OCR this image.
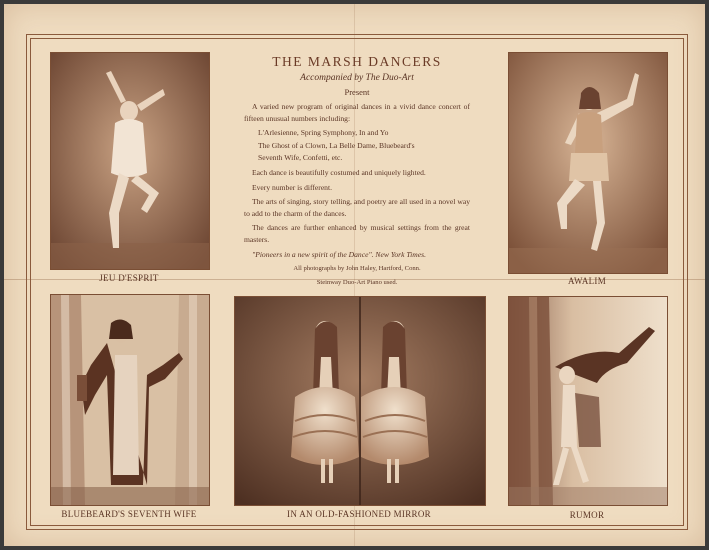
JEU D'ESPRIT	AWALIM
BLUEBEARD'S SEVENTH WIFE	IN AN OLD-FASHIONED MIRROR	RUMOR

THE MARSH DANCERS

Accompanied by The Duo-Art

Present

A varied new program of original dances in a vivid dance concert of fifteen unusual numbers including:

L'Arlesienne, Spring Symphony, In and Yo

The Ghost of a Clown, La Belle Dame, Bluebeard's

Seventh Wife, Confetti, etc.

Each dance is beautifully costumed and uniquely lighted.

Every number is different.

The arts of singing, story telling, and poetry are all used in a novel way to add to the charm of the dances.

The dances are further enhanced by musical settings from the great masters.

"Pioneers in a new spirit of the Dance". New York Times.

All photographs by John Haley, Hartford, Conn.

Steinway Duo-Art Piano used.
